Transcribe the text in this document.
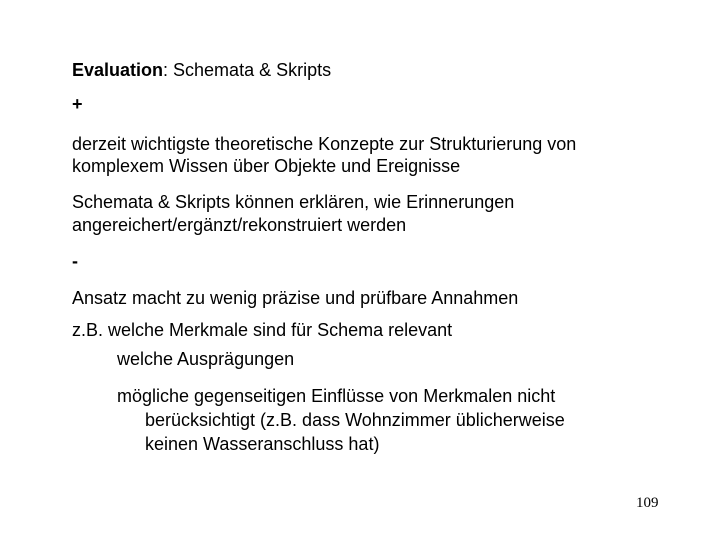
Evaluation: Schemata & Skripts
+
derzeit wichtigste theoretische Konzepte zur Strukturierung von
komplexem Wissen über Objekte und Ereignisse
Schemata & Skripts können erklären, wie Erinnerungen
angereichert/ergänzt/rekonstruiert werden
-
Ansatz macht zu wenig präzise und prüfbare Annahmen
z.B. welche Merkmale sind für Schema relevant
welche Ausprägungen
mögliche gegenseitigen Einflüsse von Merkmalen nicht
berücksichtigt (z.B. dass Wohnzimmer üblicherweise
keinen Wasseranschluss hat)
109
